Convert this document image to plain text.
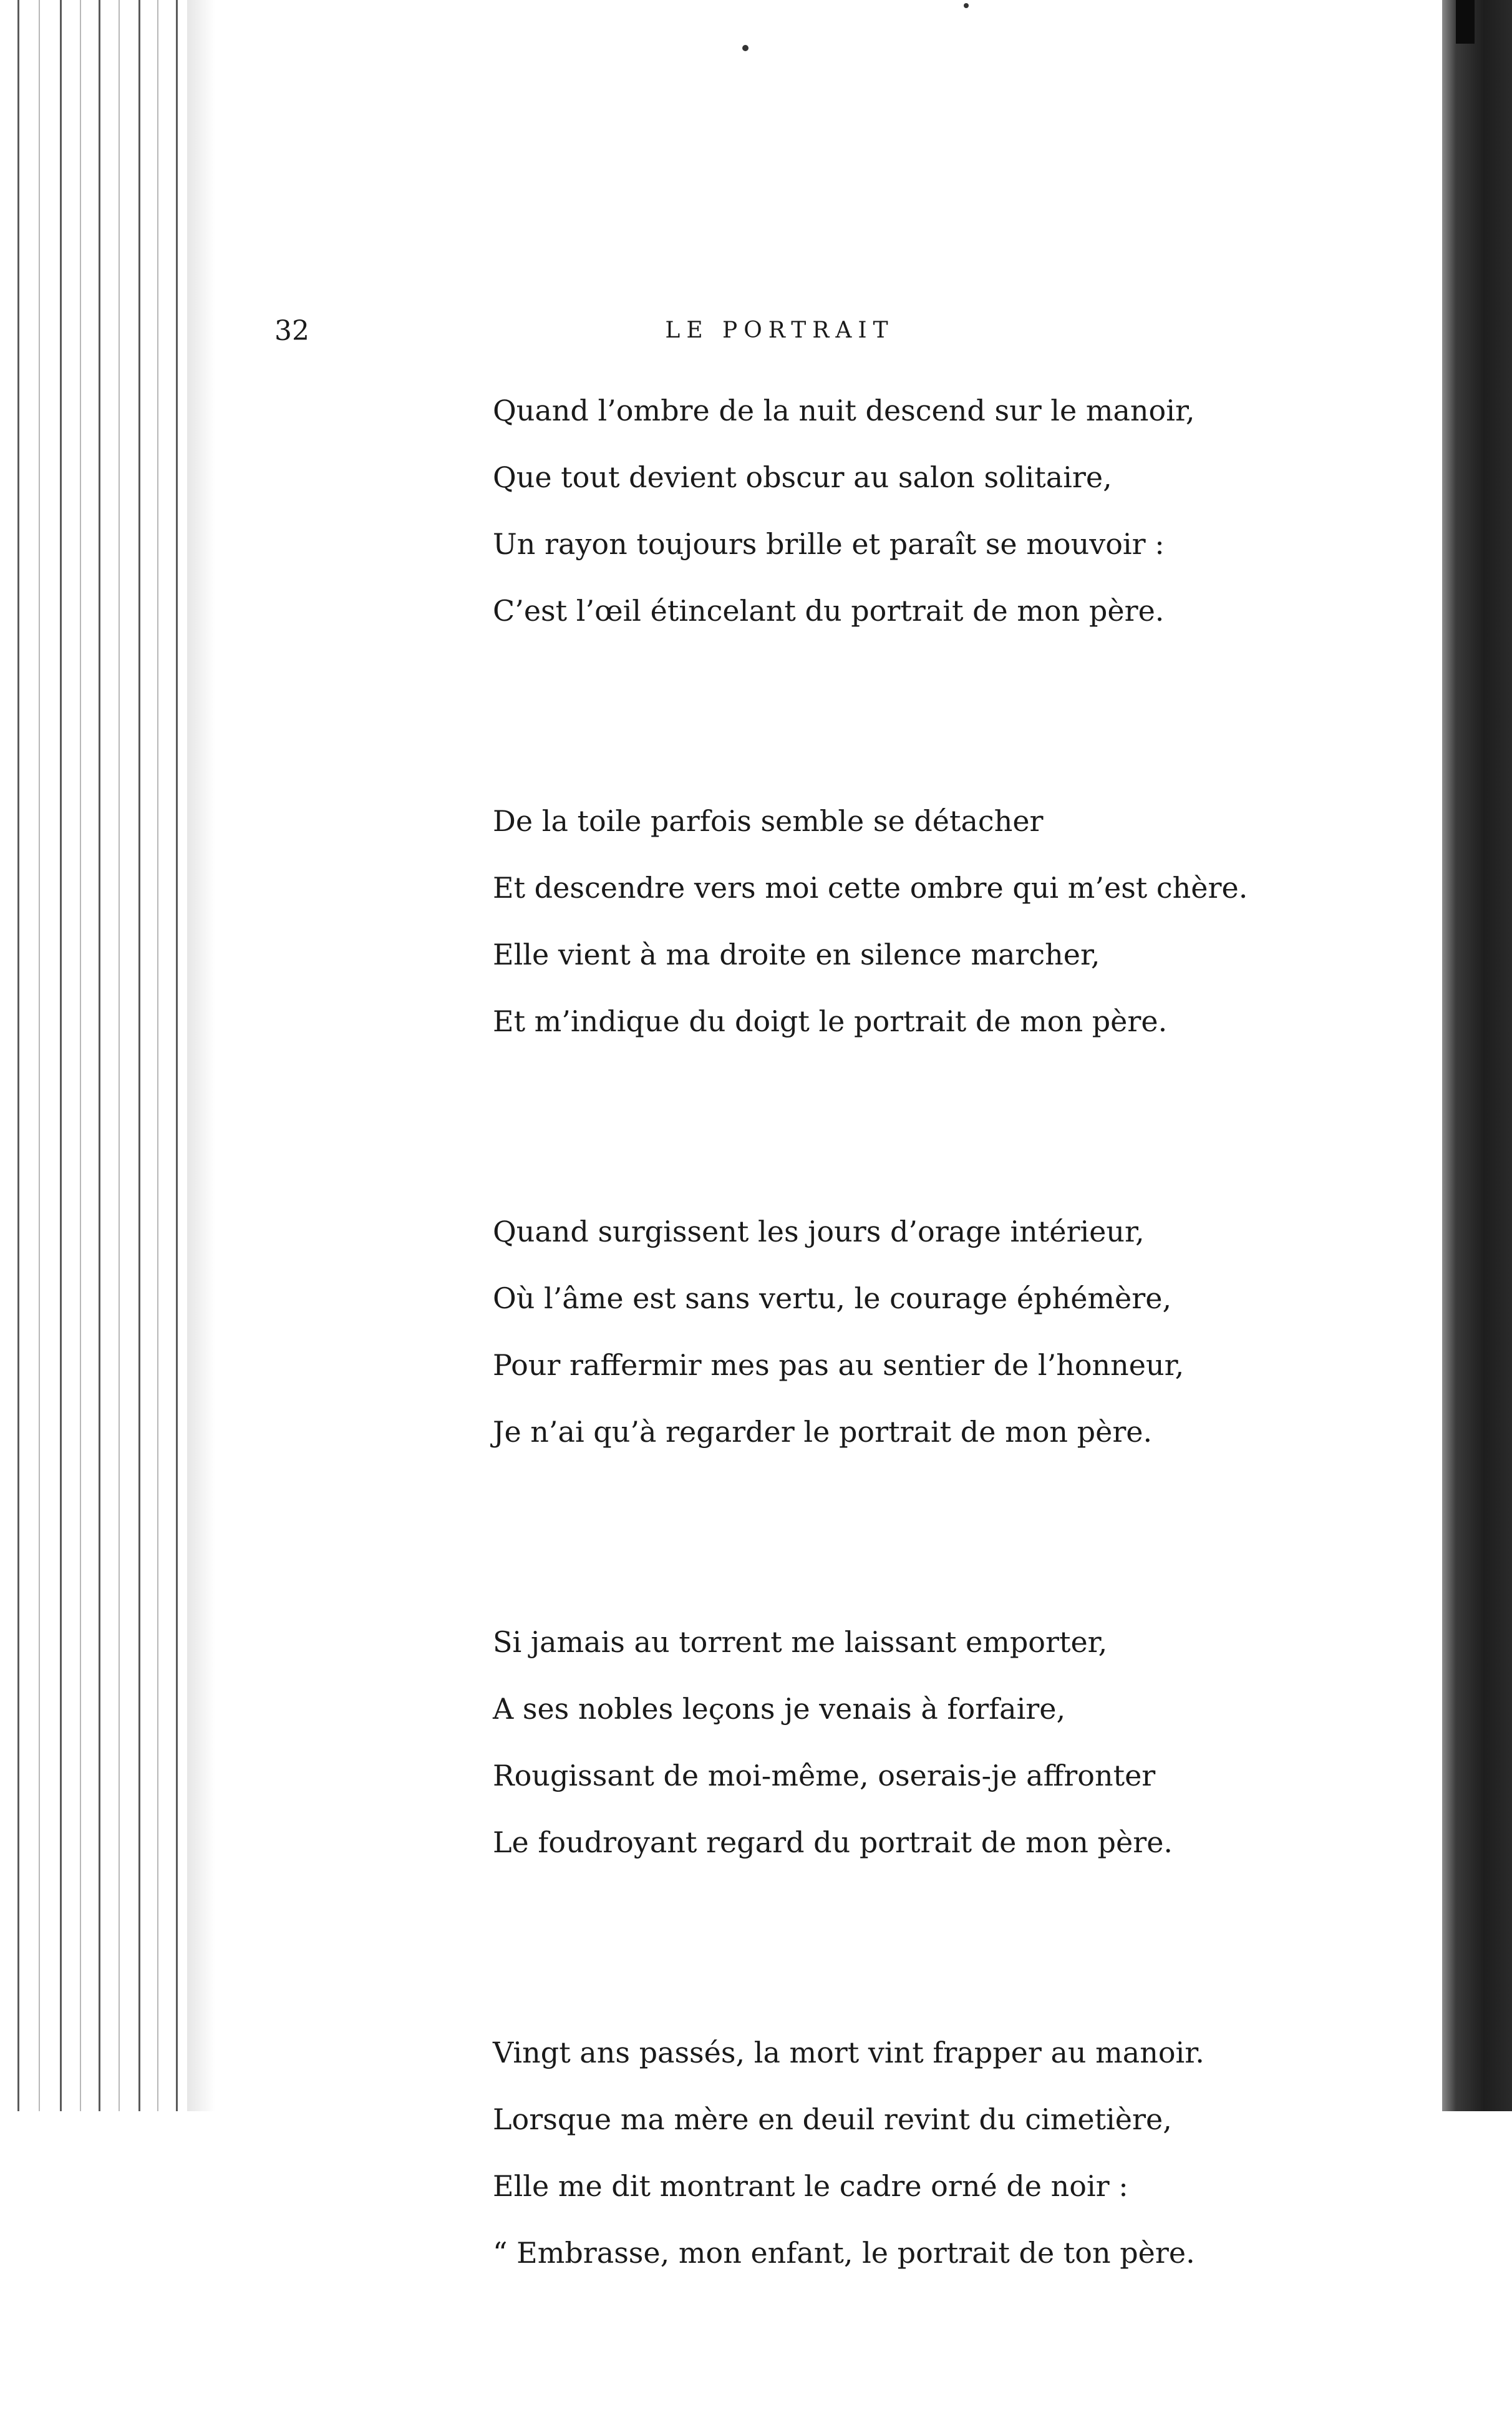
32	LE PORTRAIT
Quand l’ombre de la nuit descend sur le manoir,
Que tout devient obscur au salon solitaire,
Un rayon toujours brille et paraît se mouvoir :
C’est l’œil étincelant du portrait de mon père.
De la toile parfois semble se détacher
Et descendre vers moi cette ombre qui m’est chère.
Elle vient à ma droite en silence marcher,
Et m’indique du doigt le portrait de mon père.
Quand surgissent les jours d’orage intérieur,
Où l’âme est sans vertu, le courage éphémère,
Pour raffermir mes pas au sentier de l’honneur,
Je n’ai qu’à regarder le portrait de mon père.
Si jamais au torrent me laissant emporter,
A ses nobles leçons je venais à forfaire,
Rougissant de moi-même, oserais-je affronter
Le foudroyant regard du portrait de mon père.
Vingt ans passés, la mort vint frapper au manoir.
Lorsque ma mère en deuil revint du cimetière,
Elle me dit montrant le cadre orné de noir :
“ Embrasse, mon enfant, le portrait de ton père.
